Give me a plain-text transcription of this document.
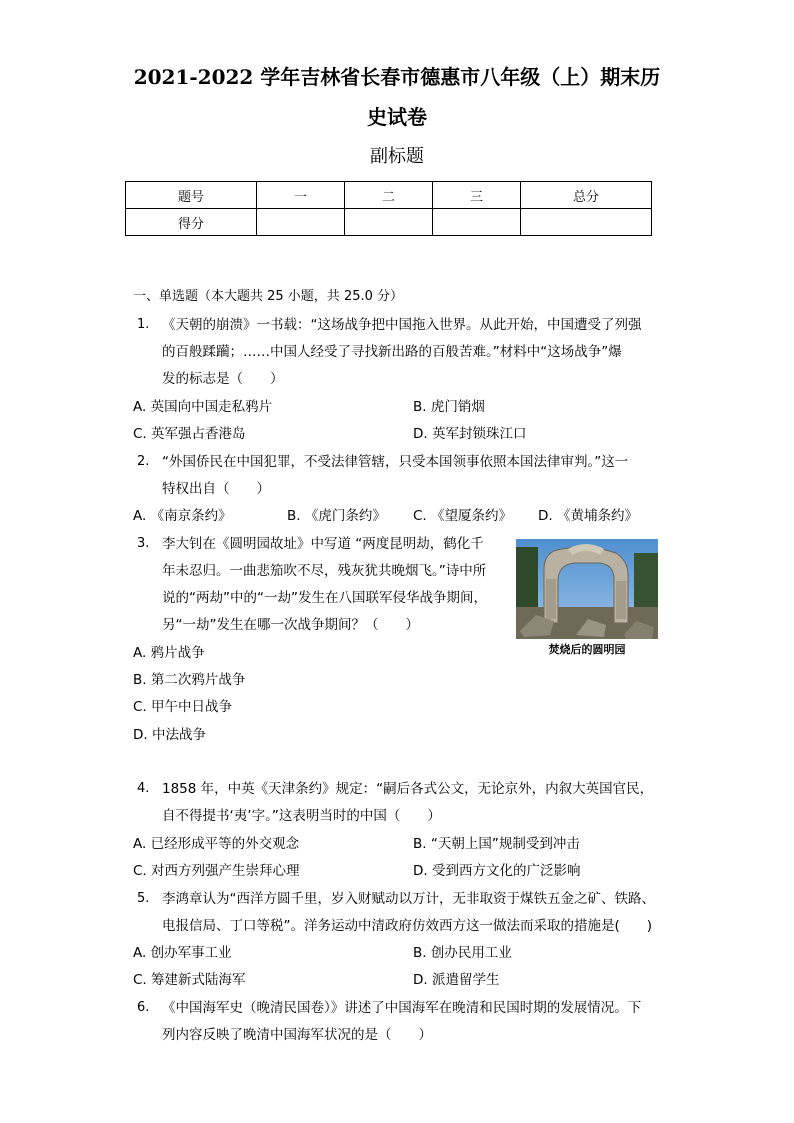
2021-2022 学年吉林省长春市德惠市八年级（上）期末历
史试卷
副标题
题号	一	二	三	总分
得分				
一、单选题（本大题共 25 小题，共 25.0 分）
1. 《天朝的崩溃》一书载：“这场战争把中国拖入世界。从此开始，中国遭受了列强
的百般蹂躏；……中国人经受了寻找新出路的百般苦难。”材料中“这场战争”爆
发的标志是（　　）
A. 英国向中国走私鸦片	B. 虎门销烟
C. 英军强占香港岛	D. 英军封锁珠江口
2. “外国侨民在中国犯罪，不受法律管辖，只受本国领事依照本国法律审判。”这一
特权出自（　　）
A. 《南京条约》	B. 《虎门条约》 C. 《望厦条约》 D. 《黄埔条约》
3. 李大钊在《圆明园故址》中写道 “两度昆明劫，鹤化千
年未忍归。一曲悲笳吹不尽，残灰犹共晚烟飞。”诗中所
说的“两劫”中的“一劫”发生在八国联军侵华战争期间，
另“一劫”发生在哪一次战争期间？（　　）
A. 鸦片战争
B. 第二次鸦片战争
C. 甲午中日战争
D. 中法战争
焚烧后的圆明园
4. 1858 年，中英《天津条约》规定：“嗣后各式公文，无论京外，内叙大英国官民，
自不得提书‘夷’字。”这表明当时的中国（　　）
A. 已经形成平等的外交观念	B. “天朝上国”规制受到冲击
C. 对西方列强产生崇拜心理	D. 受到西方文化的广泛影响
5. 李鸿章认为“西洋方圆千里，岁入财赋动以万计，无非取资于煤铁五金之矿、铁路、
电报信局、丁口等税”。洋务运动中清政府仿效西方这一做法而采取的措施是(　　)
A. 创办军事工业	B. 创办民用工业
C. 筹建新式陆海军	D. 派遣留学生
6. 《中国海军史（晚清民国卷）》讲述了中国海军在晚清和民国时期的发展情况。下
列内容反映了晚清中国海军状况的是（　　）
